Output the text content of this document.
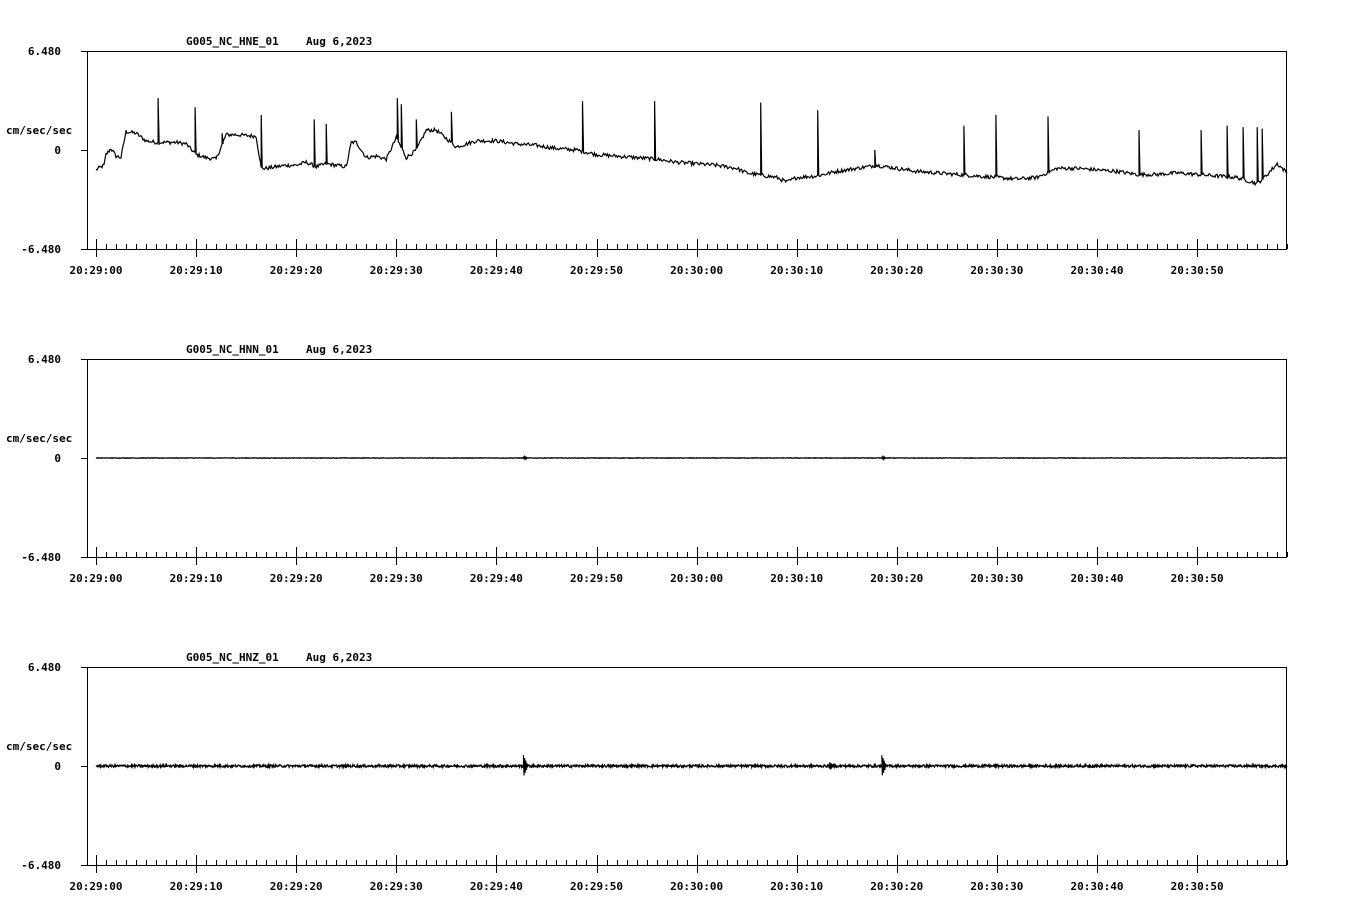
G005_NC_HNE_01 Aug 6,2023
6.480
0
-6.480
cm/sec/sec
20:29:00	20:29:10	20:29:20	20:29:30	20:29:40	20:29:50	20:30:00	20:30:10	20:30:20	20:30:30	20:30:40	20:30:50
G005_NC_HNN_01 Aug 6,2023
6.480
0
-6.480
cm/sec/sec
20:29:00	20:29:10	20:29:20	20:29:30	20:29:40	20:29:50	20:30:00	20:30:10	20:30:20	20:30:30	20:30:40	20:30:50
G005_NC_HNZ_01 Aug 6,2023
6.480
0
-6.480
cm/sec/sec
20:29:00	20:29:10	20:29:20	20:29:30	20:29:40	20:29:50	20:30:00	20:30:10	20:30:20	20:30:30	20:30:40	20:30:50
